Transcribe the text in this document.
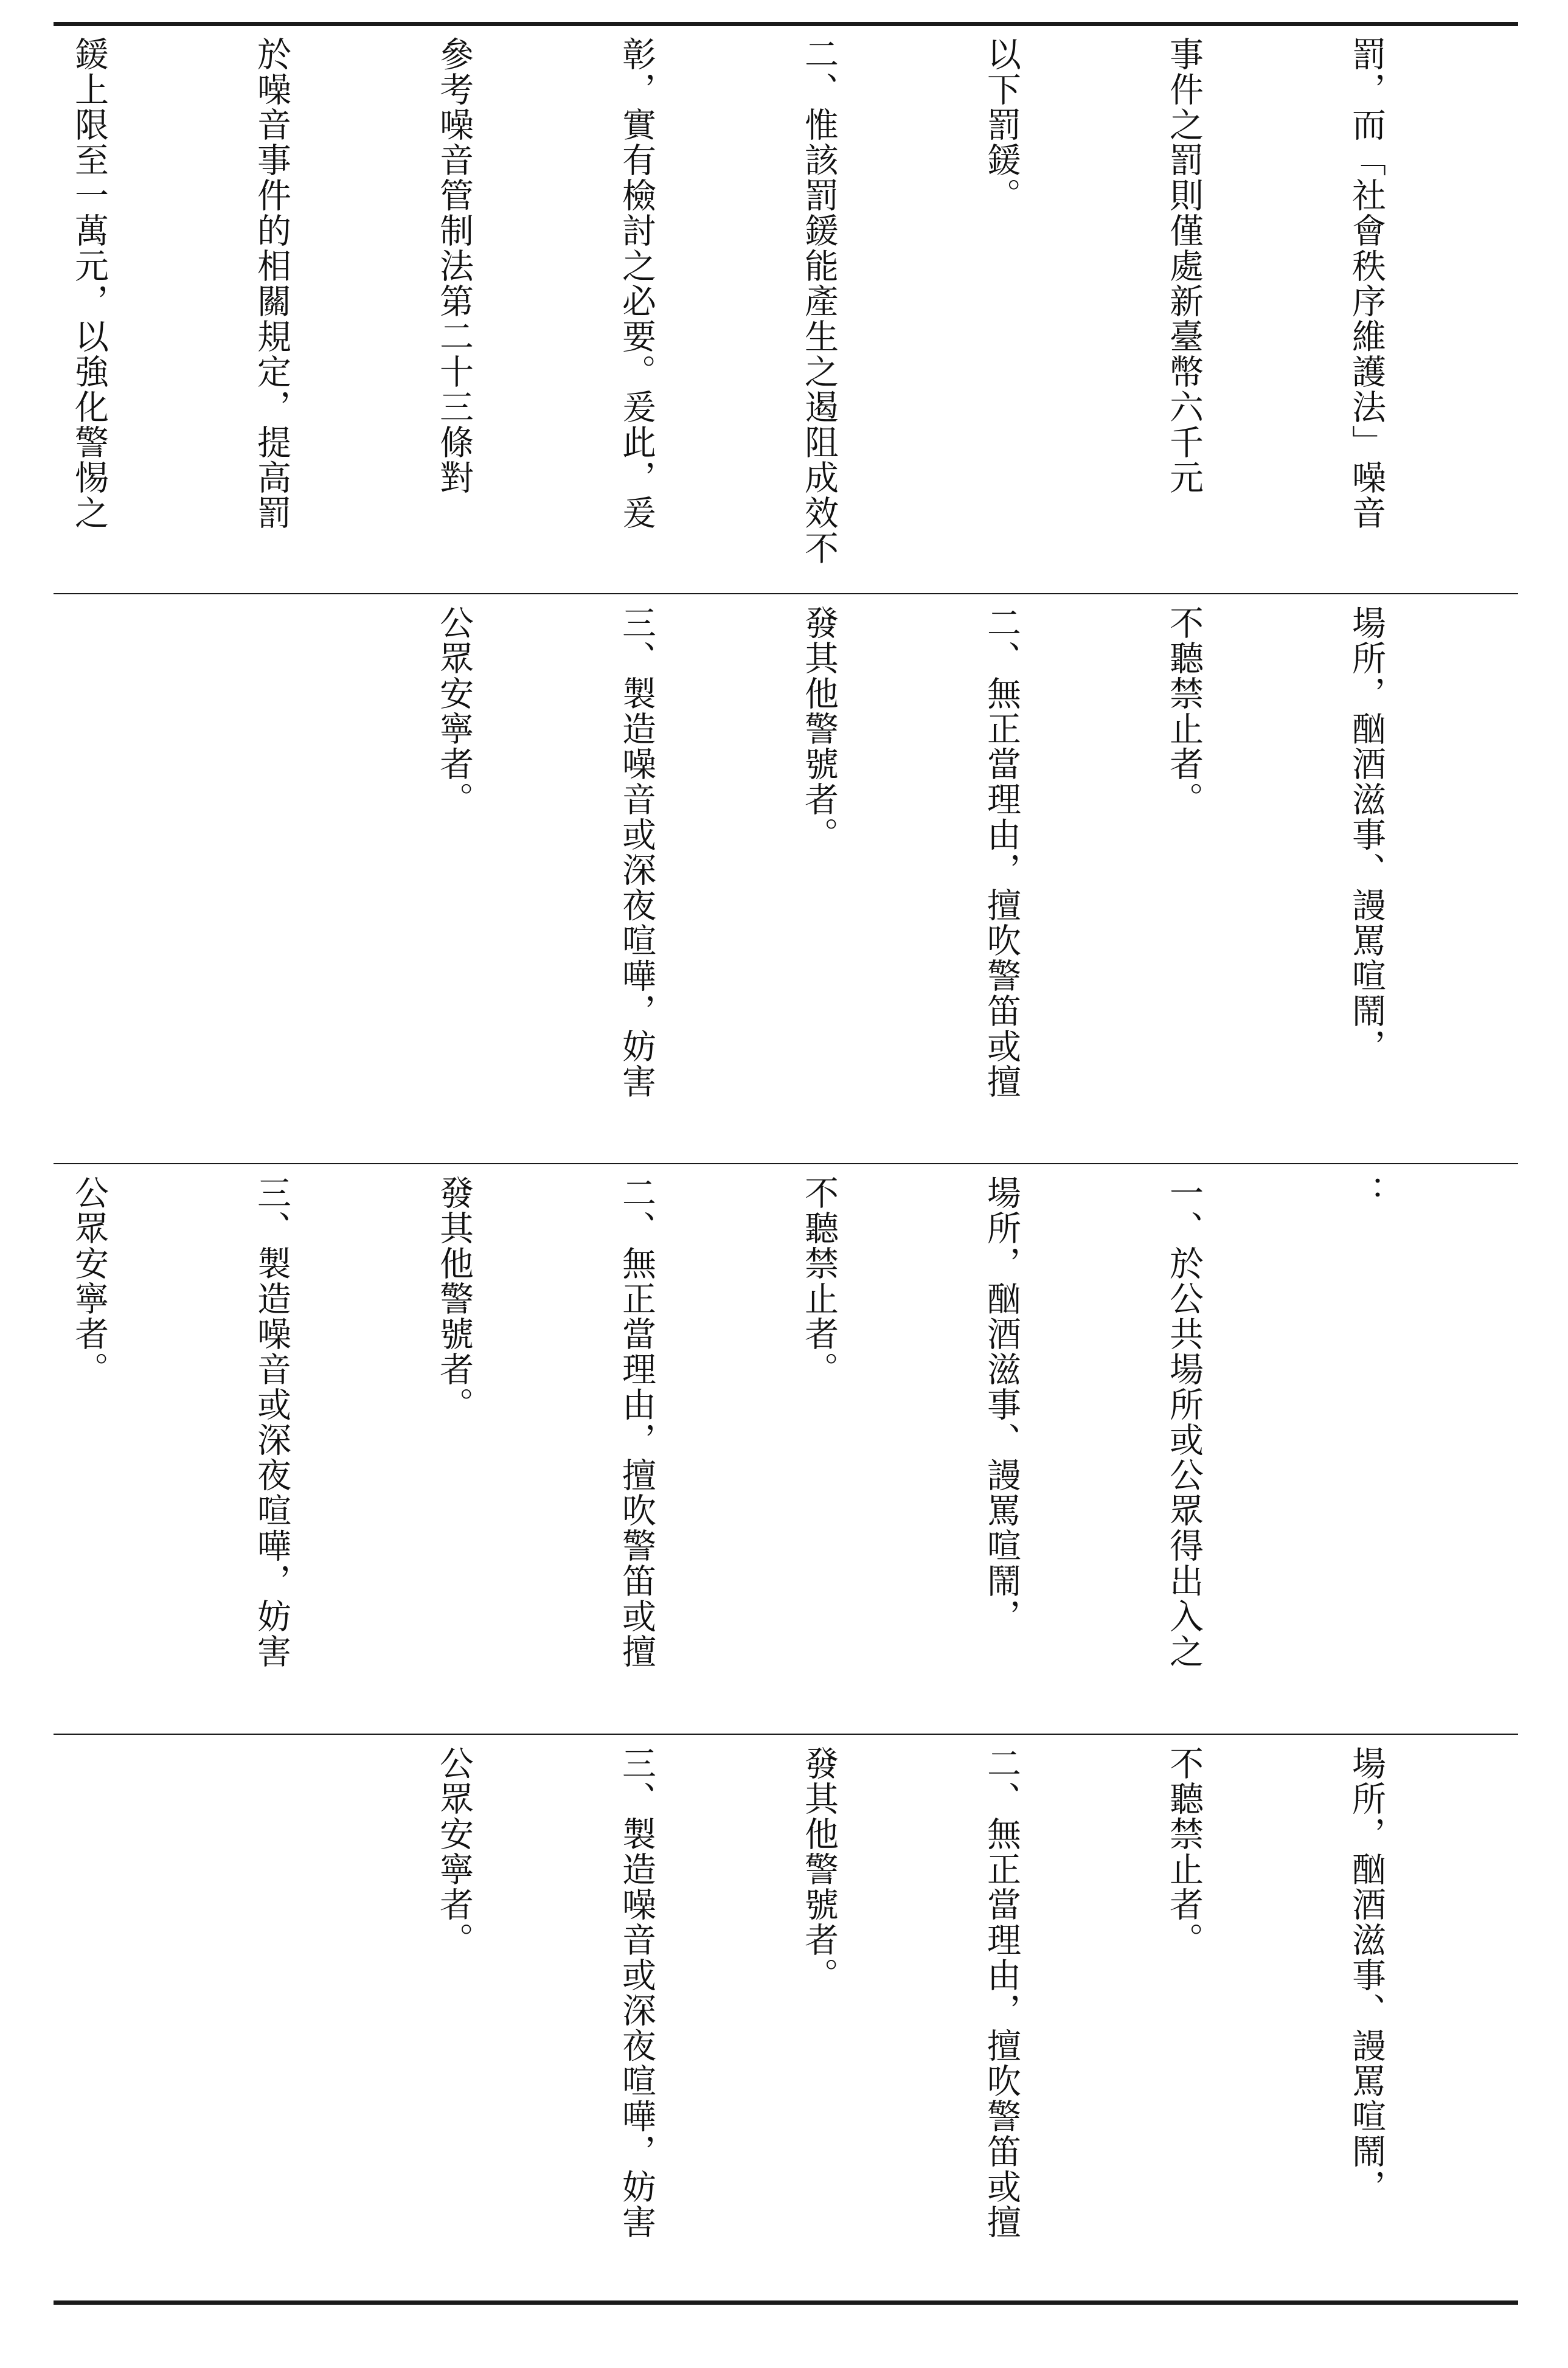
罰，而「社會秩序維護法」噪音

事件之罰則僅處新臺幣六千元

以下罰鍰。

二、惟該罰鍰能產生之遏阻成效不

彰，實有檢討之必要。爰此，爰

參考噪音管制法第二十三條對

於噪音事件的相關規定，提高罰

鍰上限至一萬元，以強化警惕之

場所，酗酒滋事、謾罵喧鬧，

不聽禁止者。

二、無正當理由，擅吹警笛或擅

發其他警號者。

三、製造噪音或深夜喧嘩，妨害

公眾安寧者。

：

一、於公共場所或公眾得出入之

場所，酗酒滋事、謾罵喧鬧，

不聽禁止者。

二、無正當理由，擅吹警笛或擅

發其他警號者。

三、製造噪音或深夜喧嘩，妨害

公眾安寧者。

場所，酗酒滋事、謾罵喧鬧，

不聽禁止者。

二、無正當理由，擅吹警笛或擅

發其他警號者。

三、製造噪音或深夜喧嘩，妨害

公眾安寧者。
